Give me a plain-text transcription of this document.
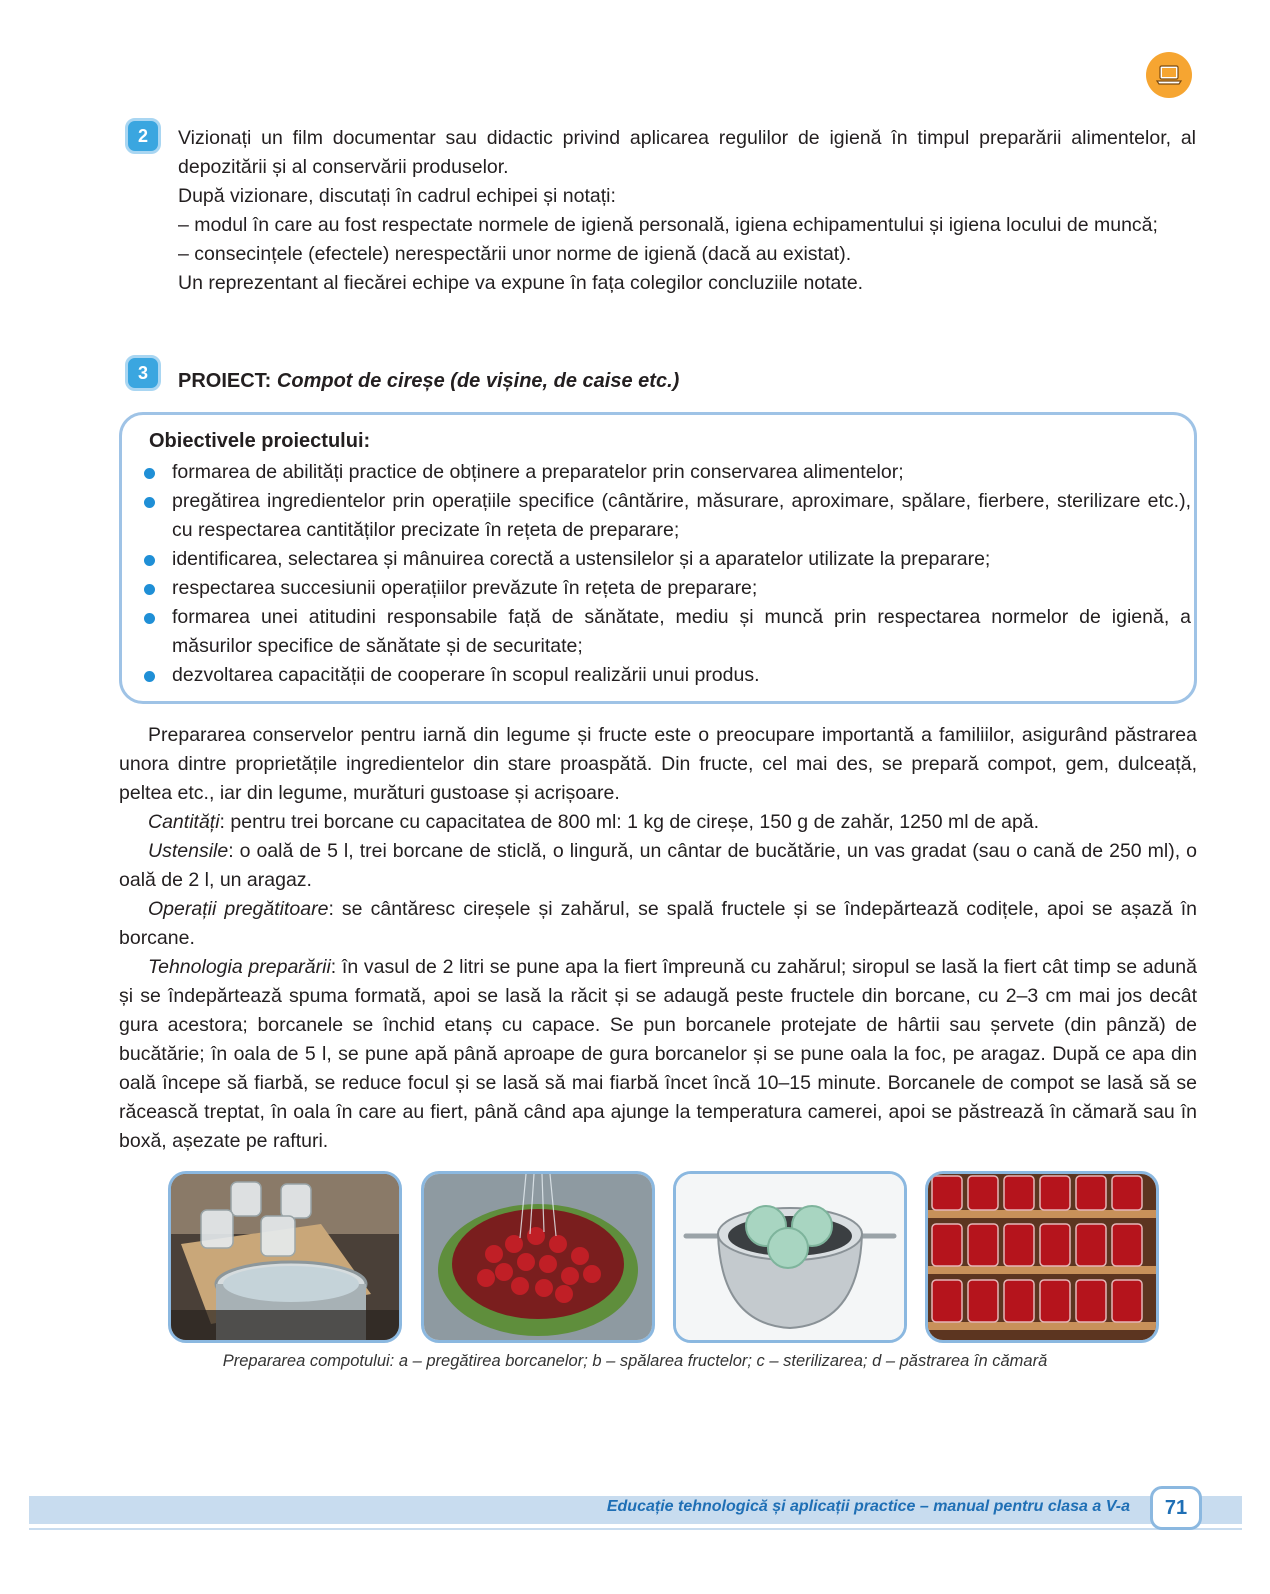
2	Vizionați un film documentar sau didactic privind aplicarea regulilor de igienă în timpul preparării alimentelor, al depozitării și al conservării produselor.

După vizionare, discutați în cadrul echipei și notați:

– modul în care au fost respectate normele de igienă personală, igiena echipamentului și igiena locului de muncă;

– consecințele (efectele) nerespectării unor norme de igienă (dacă au existat).

Un reprezentant al fiecărei echipe va expune în fața colegilor concluziile notate.

3	PROIECT: Compot de cireșe (de vișine, de caise etc.)
Obiectivele proiectului:
formarea de abilități practice de obținere a preparatelor prin conservarea alimentelor;
pregătirea ingredientelor prin operațiile specifice (cântărire, măsurare, aproximare, spălare, fierbere, sterilizare etc.), cu respectarea cantităților precizate în rețeta de preparare;
identificarea, selectarea și mânuirea corectă a ustensilelor și a aparatelor utilizate la preparare;
respectarea succesiunii operațiilor prevăzute în rețeta de preparare;
formarea unei atitudini responsabile față de sănătate, mediu și muncă prin respectarea normelor de igienă, a măsurilor specifice de sănătate și de securitate;
dezvoltarea capacității de cooperare în scopul realizării unui produs.

Prepararea conservelor pentru iarnă din legume și fructe este o preocupare importantă a familiilor, asigurând păstrarea unora dintre proprietățile ingredientelor din stare proaspătă. Din fructe, cel mai des, se prepară compot, gem, dulceață, peltea etc., iar din legume, murături gustoase și acrișoare.

Cantități: pentru trei borcane cu capacitatea de 800 ml: 1 kg de cireșe, 150 g de zahăr, 1250 ml de apă.

Ustensile: o oală de 5 l, trei borcane de sticlă, o lingură, un cântar de bucătărie, un vas gradat (sau o cană de 250 ml), o oală de 2 l, un aragaz.

Operații pregătitoare: se cântăresc cireșele și zahărul, se spală fructele și se îndepărtează codițele, apoi se așază în borcane.

Tehnologia preparării: în vasul de 2 litri se pune apa la fiert împreună cu zahărul; siropul se lasă la fiert cât timp se adună și se îndepărtează spuma formată, apoi se lasă la răcit și se adaugă peste fructele din borcane, cu 2–3 cm mai jos decât gura acestora; borcanele se închid etanș cu capace. Se pun borcanele protejate de hârtii sau șervete (din pânză) de bucătărie; în oala de 5 l, se pune apă până aproape de gura borcanelor și se pune oala la foc, pe aragaz. După ce apa din oală începe să fiarbă, se reduce focul și se lasă să mai fiarbă încet încă 10–15 minute. Borcanele de compot se lasă să se răcească treptat, în oala în care au fiert, până când apa ajunge la temperatura camerei, apoi se păstrează în cămară sau în boxă, așezate pe rafturi.

Prepararea compotului: a – pregătirea borcanelor; b – spălarea fructelor; c – sterilizarea; d – păstrarea în cămară
Educație tehnologică și aplicații practice – manual pentru clasa a V-a	71
